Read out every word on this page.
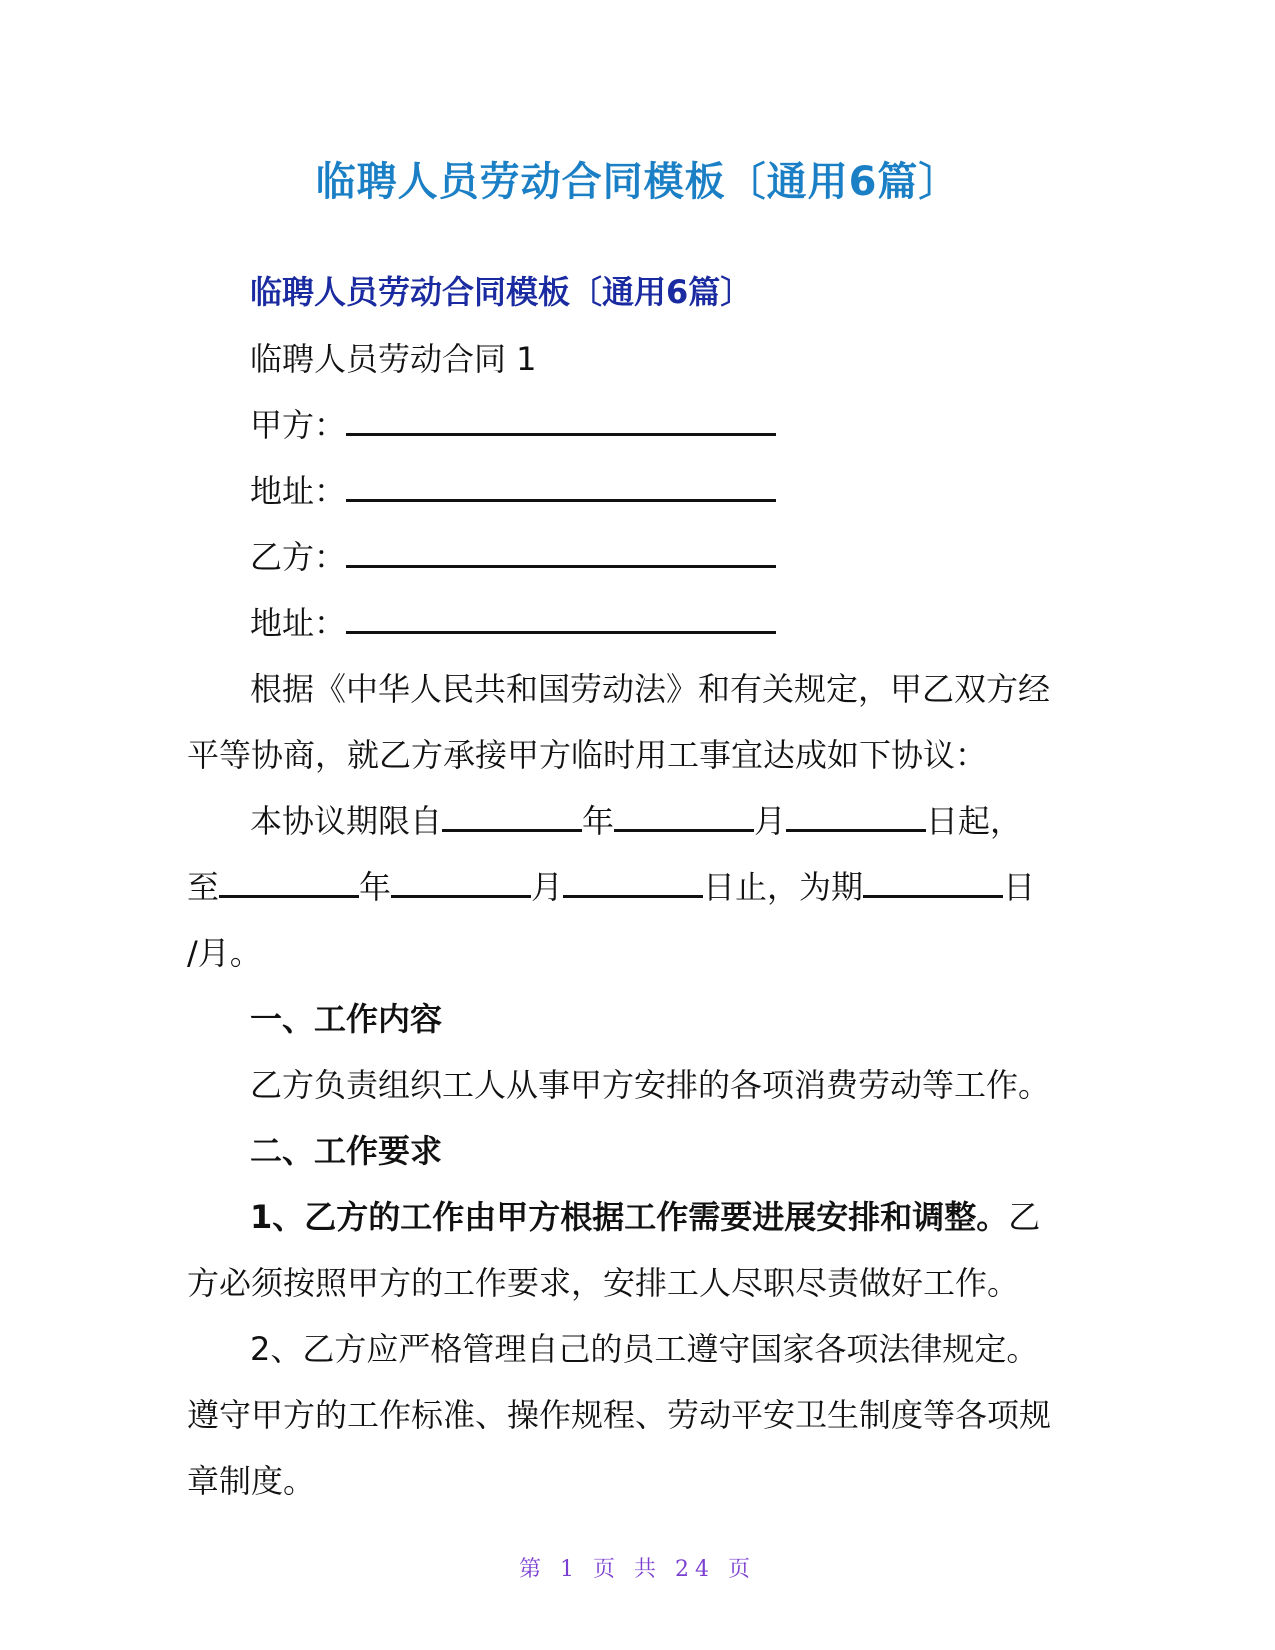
临聘人员劳动合同模板〔通用6篇〕
临聘人员劳动合同模板〔通用6篇〕
临聘人员劳动合同 1
甲方：
地址：
乙方：
地址：
根据《中华人民共和国劳动法》和有关规定，甲乙双方经
平等协商，就乙方承接甲方临时用工事宜达成如下协议：
本协议期限自	年	月	日起，
至	年	月	日止，为期	日
/月。
一、工作内容
乙方负责组织工人从事甲方安排的各项消费劳动等工作。
二、工作要求
1、乙方的工作由甲方根据工作需要进展安排和调整。乙
方必须按照甲方的工作要求，安排工人尽职尽责做好工作。
2、乙方应严格管理自己的员工遵守国家各项法律规定。
遵守甲方的工作标准、操作规程、劳动平安卫生制度等各项规
章制度。
第 1 页 共 24 页
